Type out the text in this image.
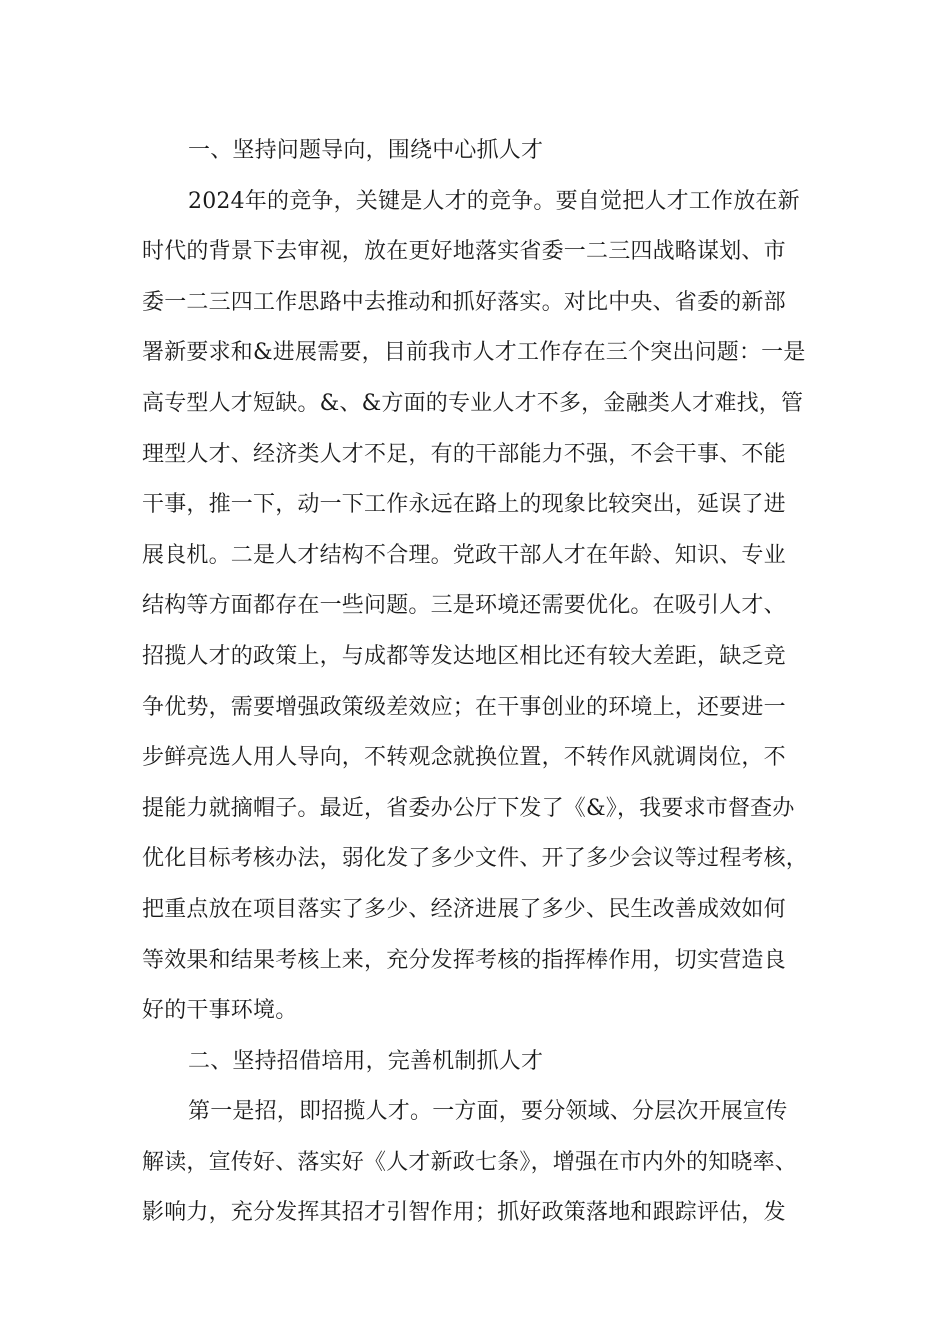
一、坚持问题导向，围绕中心抓人才
2024年的竞争，关键是人才的竞争。要自觉把人才工作放在新
时代的背景下去审视，放在更好地落实省委一二三四战略谋划、市
委一二三四工作思路中去推动和抓好落实。对比中央、省委的新部
署新要求和&进展需要，目前我市人才工作存在三个突出问题：一是
高专型人才短缺。&、&方面的专业人才不多，金融类人才难找，管
理型人才、经济类人才不足，有的干部能力不强，不会干事、不能
干事，推一下，动一下工作永远在路上的现象比较突出，延误了进
展良机。二是人才结构不合理。党政干部人才在年龄、知识、专业
结构等方面都存在一些问题。三是环境还需要优化。在吸引人才、
招揽人才的政策上，与成都等发达地区相比还有较大差距，缺乏竞
争优势，需要增强政策级差效应；在干事创业的环境上，还要进一
步鲜亮选人用人导向，不转观念就换位置，不转作风就调岗位，不
提能力就摘帽子。最近，省委办公厅下发了《&》，我要求市督查办
优化目标考核办法，弱化发了多少文件、开了多少会议等过程考核，
把重点放在项目落实了多少、经济进展了多少、民生改善成效如何
等效果和结果考核上来，充分发挥考核的指挥棒作用，切实营造良
好的干事环境。
二、坚持招借培用，完善机制抓人才
第一是招，即招揽人才。一方面，要分领域、分层次开展宣传
解读，宣传好、落实好《人才新政七条》，增强在市内外的知晓率、
影响力，充分发挥其招才引智作用；抓好政策落地和跟踪评估，发
